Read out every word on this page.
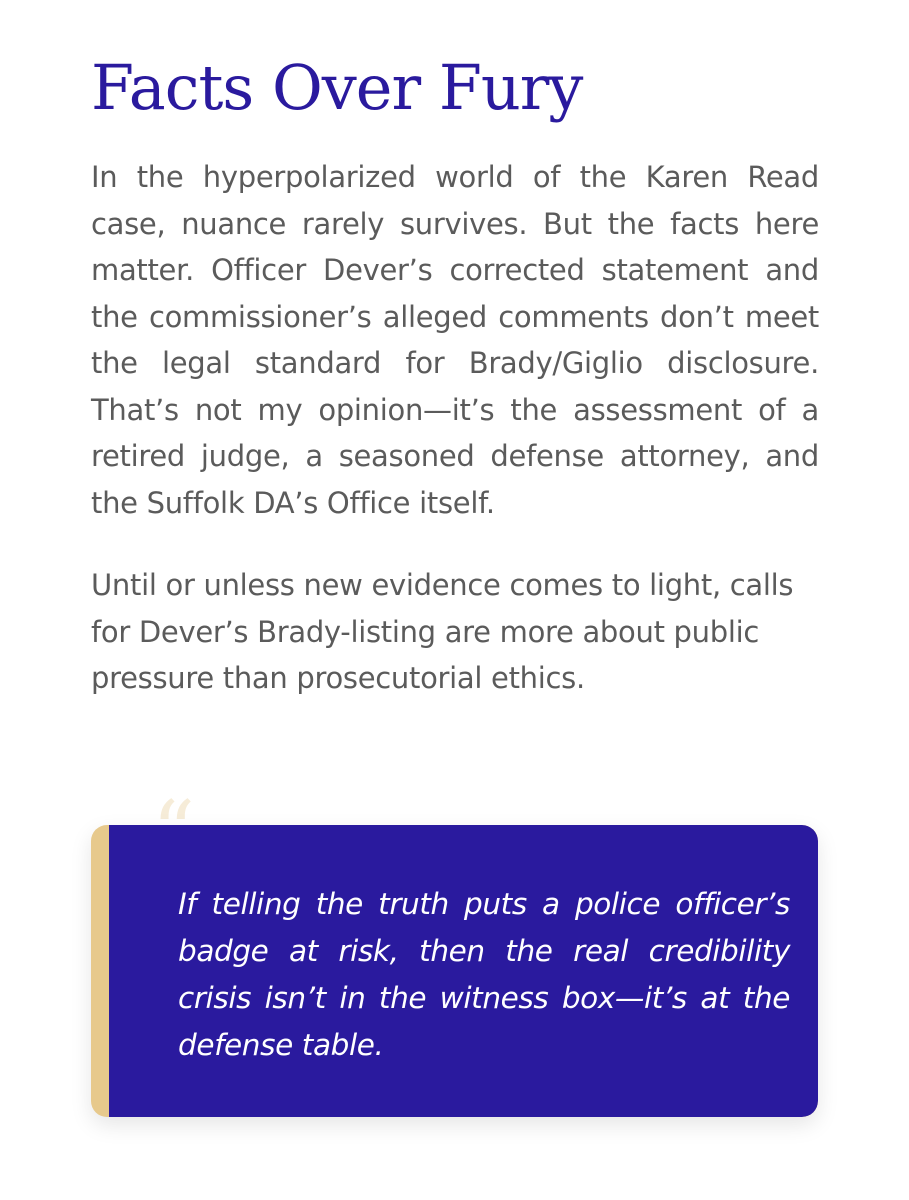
Facts Over Fury

In the hyperpolarized world of the Karen Read case, nuance rarely survives. But the facts here matter. Officer Dever’s corrected statement and the commissioner’s alleged comments don’t meet the legal standard for Brady/Giglio disclosure. That’s not my opinion—it’s the assessment of a retired judge, a seasoned defense attorney, and the Suffolk DA’s Office itself.

Until or unless new evidence comes to light, calls for Dever’s Brady-listing are more about public pressure than prosecutorial ethics.

If telling the truth puts a police officer’s badge at risk, then the real credibility crisis isn’t in the witness box—it’s at the defense table.
